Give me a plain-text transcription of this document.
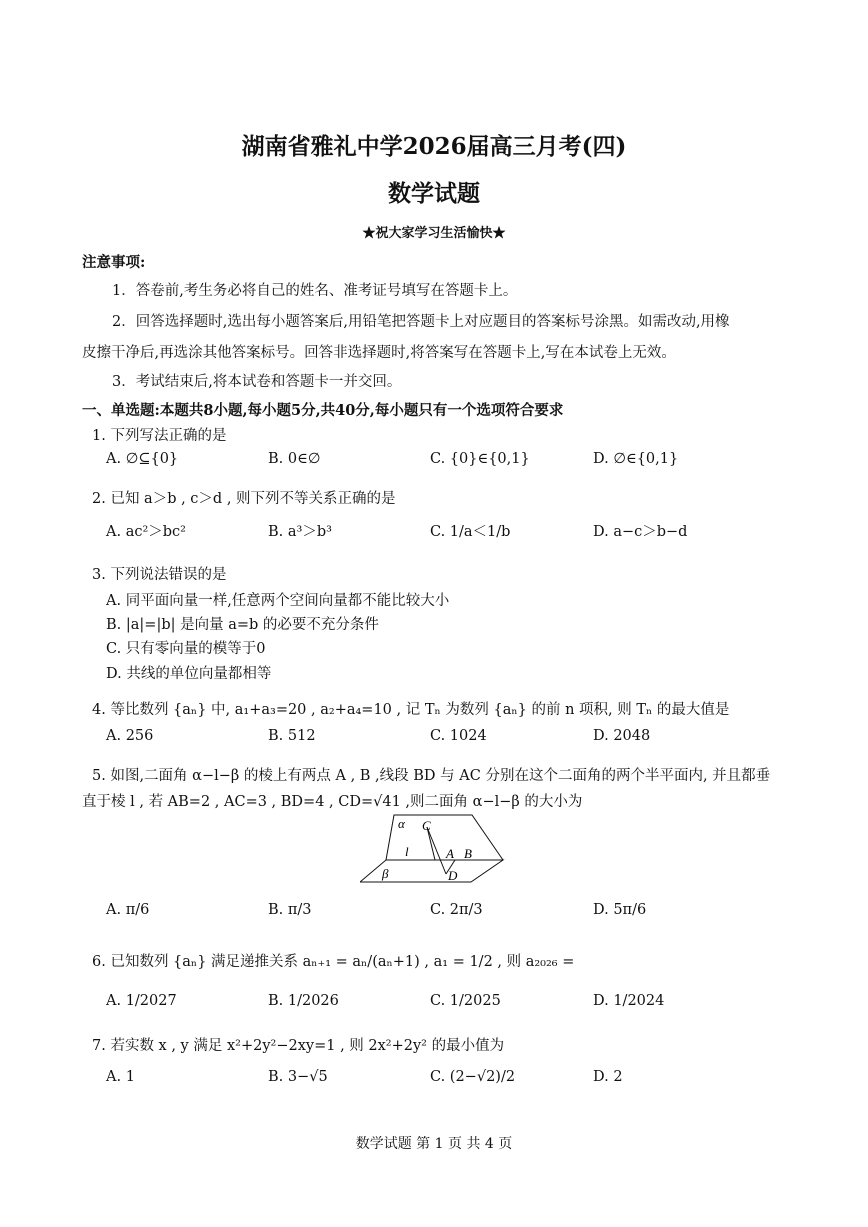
湖南省雅礼中学2026届高三月考(四)
数学试题
★祝大家学习生活愉快★
注意事项:
1．答卷前,考生务必将自己的姓名、准考证号填写在答题卡上。
2．回答选择题时,选出每小题答案后,用铅笔把答题卡上对应题目的答案标号涂黑。如需改动,用橡
皮擦干净后,再选涂其他答案标号。回答非选择题时,将答案写在答题卡上,写在本试卷上无效。
3．考试结束后,将本试卷和答题卡一并交回。
一、单选题:本题共8小题,每小题5分,共40分,每小题只有一个选项符合要求
1. 下列写法正确的是
A. ∅⊆{0}	B. 0∈∅	C. {0}∈{0,1}	D. ∅∈{0,1}
2. 已知 a＞b , c＞d , 则下列不等关系正确的是
A. ac²＞bc²	B. a³＞b³	C. 1/a＜1/b	D. a−c＞b−d
3. 下列说法错误的是
A. 同平面向量一样,任意两个空间向量都不能比较大小
B. |a|=|b| 是向量 a=b 的必要不充分条件
C. 只有零向量的模等于0
D. 共线的单位向量都相等
4. 等比数列 {aₙ} 中, a₁+a₃=20 , a₂+a₄=10 , 记 Tₙ 为数列 {aₙ} 的前 n 项积, 则 Tₙ 的最大值是
A. 256	B. 512	C. 1024	D. 2048
5. 如图,二面角 α−l−β 的棱上有两点 A , B ,线段 BD 与 AC 分别在这个二面角的两个半平面内, 并且都垂
直于棱 l , 若 AB=2 , AC=3 , BD=4 , CD=√41 ,则二面角 α−l−β 的大小为
α C
l	A B
β	D
A. π/6	B. π/3	C. 2π/3	D. 5π/6
6. 已知数列 {aₙ} 满足递推关系 aₙ₊₁ = aₙ/(aₙ+1) , a₁ = 1/2 , 则 a₂₀₂₆ =
A. 1/2027	B. 1/2026	C. 1/2025	D. 1/2024
7. 若实数 x , y 满足 x²+2y²−2xy=1 , 则 2x²+2y² 的最小值为
A. 1	B. 3−√5	C. (2−√2)/2	D. 2
数学试题 第 1 页 共 4 页
